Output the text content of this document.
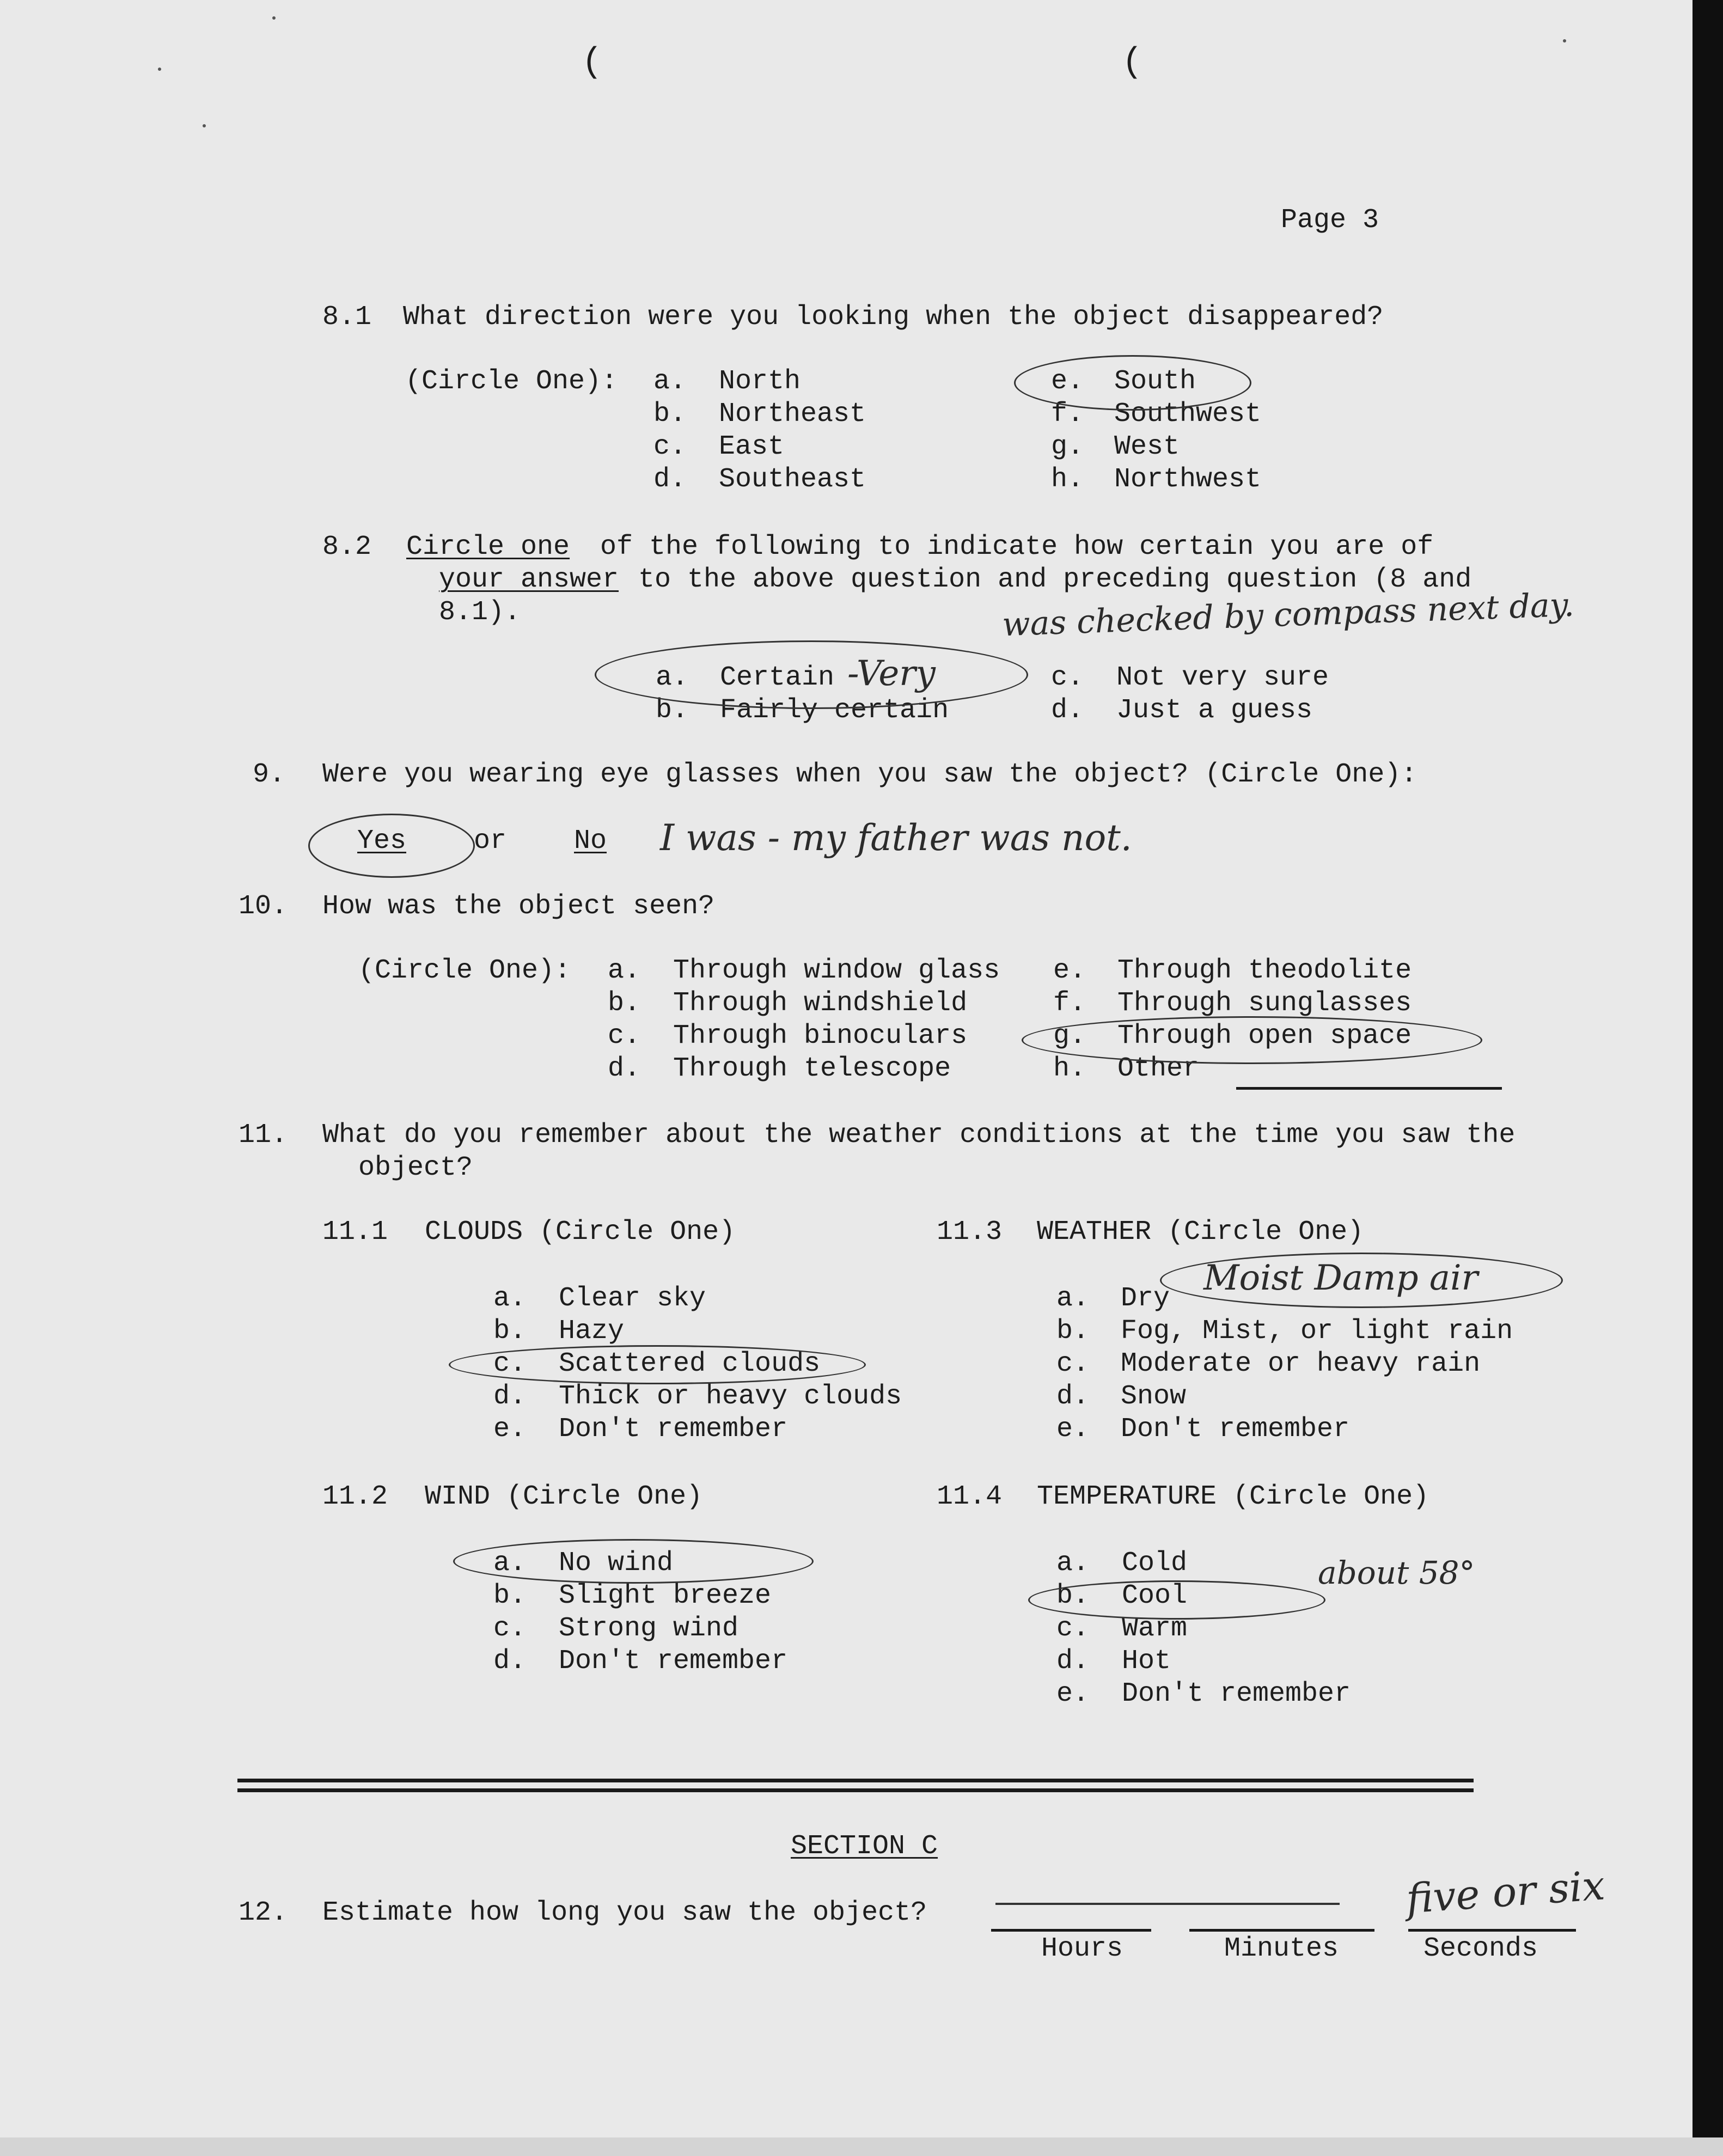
(	(
Page 3
8.1 What direction were you looking when the object disappeared?
(Circle One): a. North
b. Northeast
c. East
d. Southeast
e. South
f. Southwest
g. West
h. Northwest
8.2 Circle one of the following to indicate how certain you are of
your answer to the above question and preceding question (8 and
8.1).	was checked by compass next day.
a. Certain -Very
b. Fairly certain
c. Not very sure
d. Just a guess
9. Were you wearing eye glasses when you saw the object? (Circle One):
Yes or No I was - my father was not.
10. How was the object seen?
(Circle One): a. Through window glass
b. Through windshield
c. Through binoculars
d. Through telescope
e. Through theodolite
f. Through sunglasses
g. Through open space
h. Other
11. What do you remember about the weather conditions at the time you saw the
object?
11.1 CLOUDS (Circle One)
a. Clear sky
b. Hazy
c. Scattered clouds
d. Thick or heavy clouds
e. Don't remember
11.2 WIND (Circle One)
a. No wind
b. Slight breeze
c. Strong wind
d. Don't remember
11.3 WEATHER (Circle One)
Moist Damp air
a. Dry
b. Fog, Mist, or light rain
c. Moderate or heavy rain
d. Snow
e. Don't remember
11.4 TEMPERATURE (Circle One)
a. Cold
b. Cool
c. Warm
d. Hot
e. Don't remember
about 58°
SECTION C
12. Estimate how long you saw the object?
Hours	Minutes	Seconds
five or six
